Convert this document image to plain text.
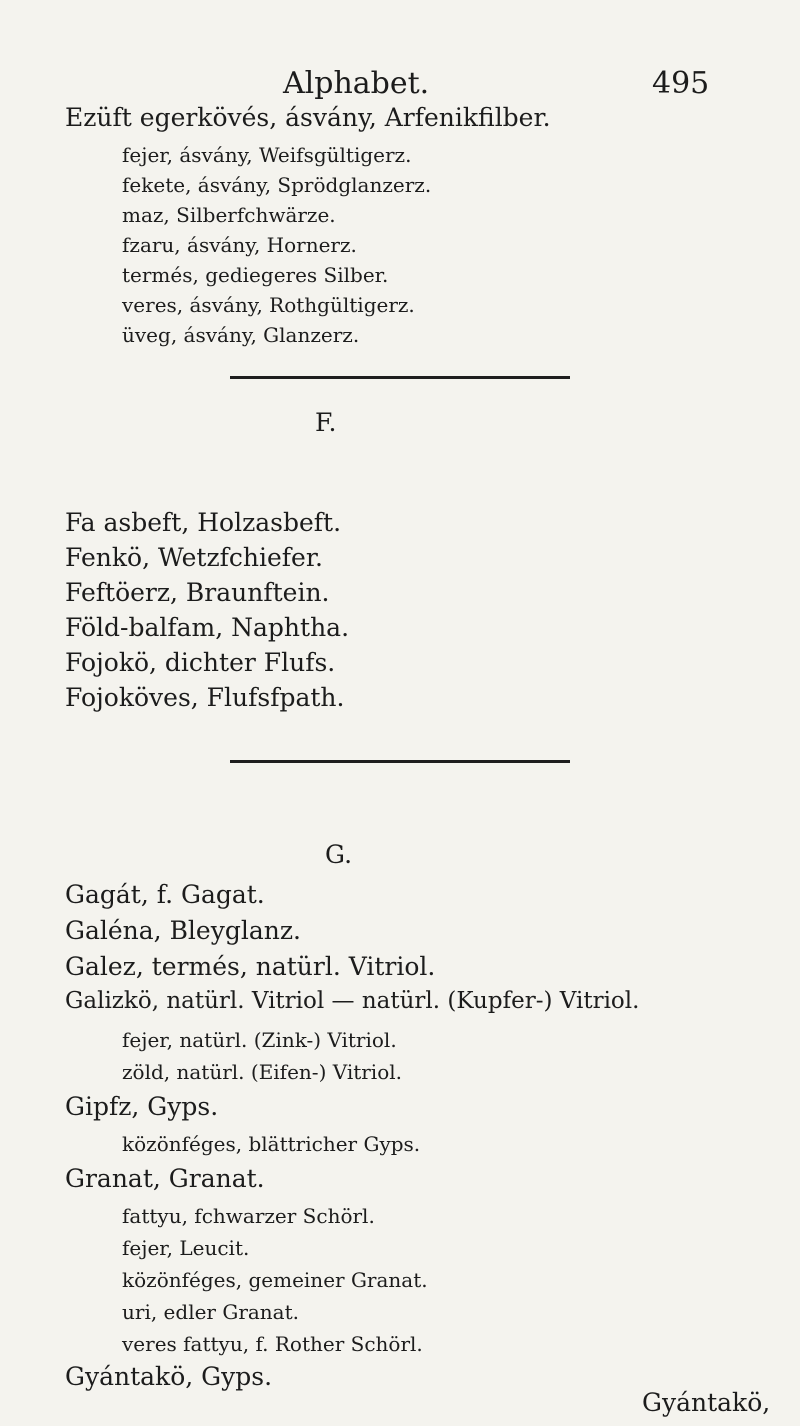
Alphabet.	495
Ezüft egerkövés, ásvány, Arfenikfilber.
fejer, ásvány, Weifsgültigerz.
fekete, ásvány, Sprödglanzerz.
maz, Silberfchwärze.
fzaru, ásvány, Hornerz.
termés, gediegeres Silber.
veres, ásvány, Rothgültigerz.
üveg, ásvány, Glanzerz.
F.
Fa asbeft, Holzasbeft.
Fenkö, Wetzfchiefer.
Feftöerz, Braunftein.
Föld-balfam, Naphtha.
Fojokö, dichter Flufs.
Fojoköves, Flufsfpath.
G.
Gagát, f. Gagat.
Galéna, Bleyglanz.
Galez, termés, natürl. Vitriol.
Galizkö, natürl. Vitriol — natürl. (Kupfer-) Vitriol.
fejer, natürl. (Zink-) Vitriol.
zöld, natürl. (Eifen-) Vitriol.
Gipfz, Gyps.
közönféges, blättricher Gyps.
Granat, Granat.
fattyu, fchwarzer Schörl.
fejer, Leucit.
közönféges, gemeiner Granat.
uri, edler Granat.
veres fattyu, f. Rother Schörl.
Gyántakö, Gyps.
Gyántakö,
